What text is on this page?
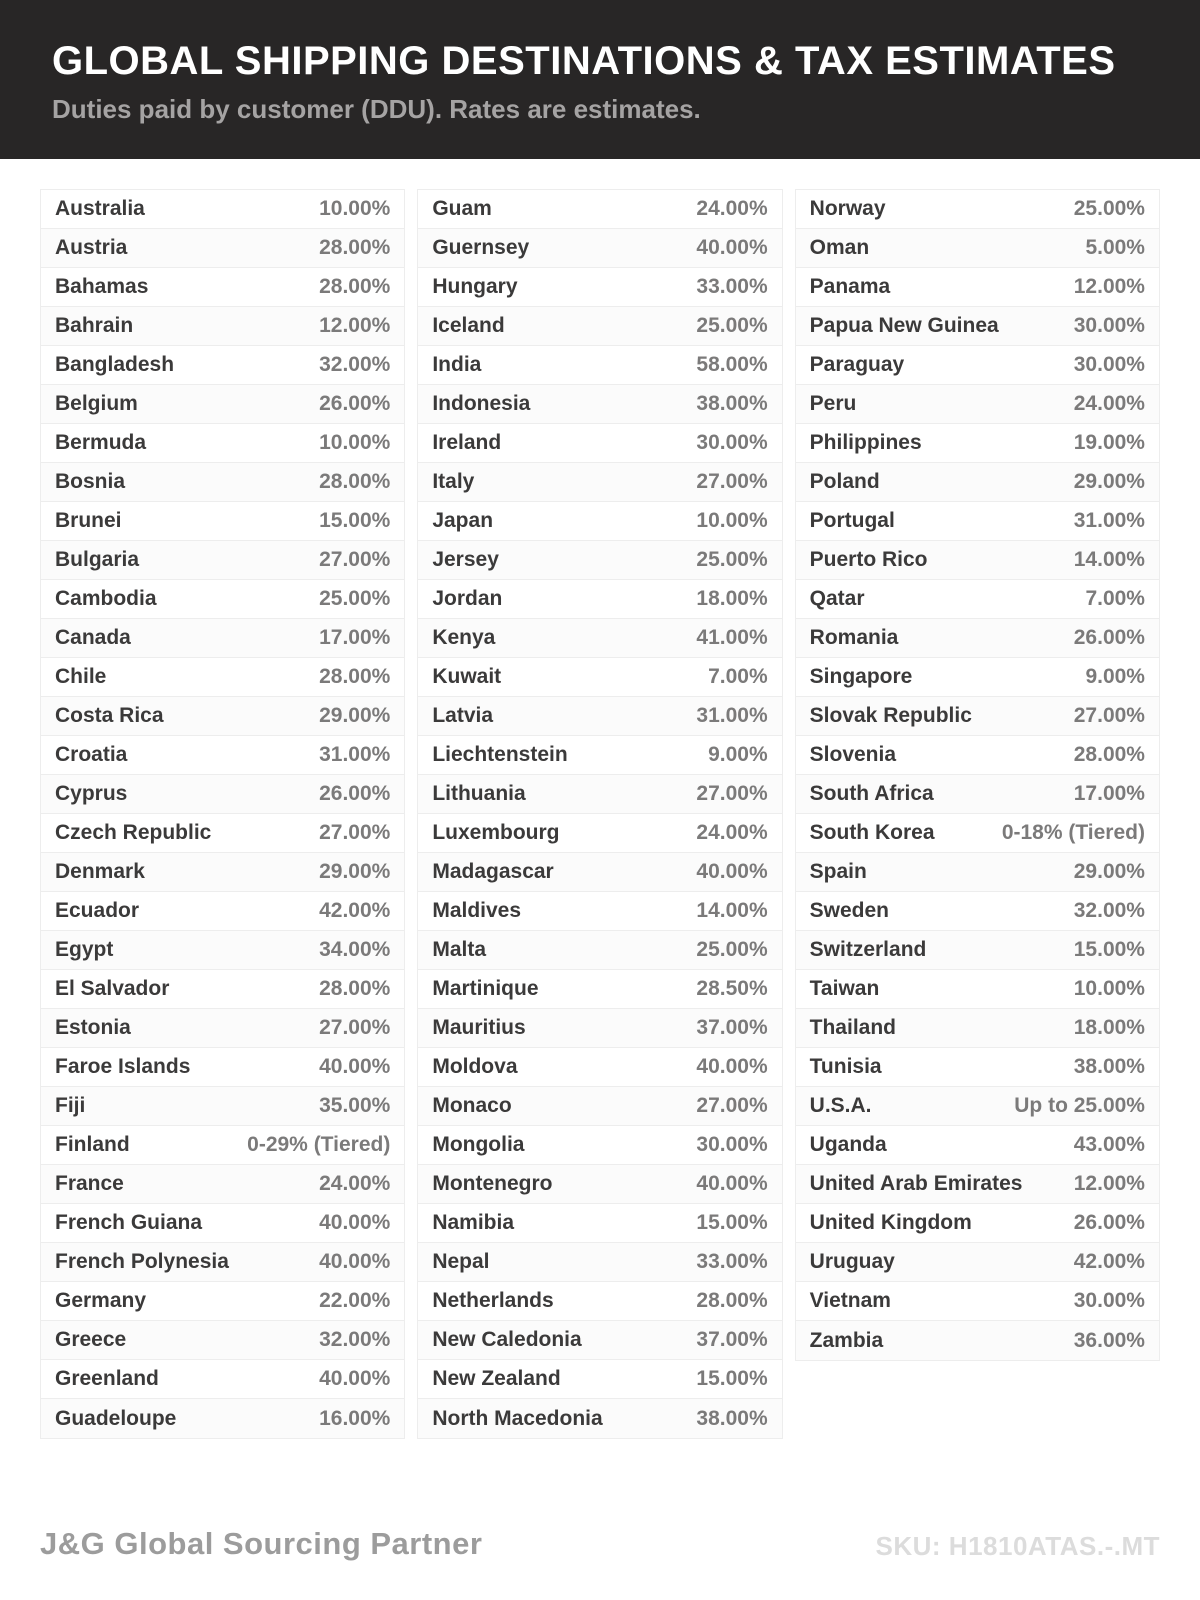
GLOBAL SHIPPING DESTINATIONS & TAX ESTIMATES

Duties paid by customer (DDU). Rates are estimates.

Australia	10.00%
Austria	28.00%
Bahamas	28.00%
Bahrain	12.00%
Bangladesh	32.00%
Belgium	26.00%
Bermuda	10.00%
Bosnia	28.00%
Brunei	15.00%
Bulgaria	27.00%
Cambodia	25.00%
Canada	17.00%
Chile	28.00%
Costa Rica	29.00%
Croatia	31.00%
Cyprus	26.00%
Czech Republic	27.00%
Denmark	29.00%
Ecuador	42.00%
Egypt	34.00%
El Salvador	28.00%
Estonia	27.00%
Faroe Islands	40.00%
Fiji	35.00%
Finland	0-29% (Tiered)
France	24.00%
French Guiana	40.00%
French Polynesia	40.00%
Germany	22.00%
Greece	32.00%
Greenland	40.00%
Guadeloupe	16.00%
Guam	24.00%
Guernsey	40.00%
Hungary	33.00%
Iceland	25.00%
India	58.00%
Indonesia	38.00%
Ireland	30.00%
Italy	27.00%
Japan	10.00%
Jersey	25.00%
Jordan	18.00%
Kenya	41.00%
Kuwait	7.00%
Latvia	31.00%
Liechtenstein	9.00%
Lithuania	27.00%
Luxembourg	24.00%
Madagascar	40.00%
Maldives	14.00%
Malta	25.00%
Martinique	28.50%
Mauritius	37.00%
Moldova	40.00%
Monaco	27.00%
Mongolia	30.00%
Montenegro	40.00%
Namibia	15.00%
Nepal	33.00%
Netherlands	28.00%
New Caledonia	37.00%
New Zealand	15.00%
North Macedonia	38.00%
Norway	25.00%
Oman	5.00%
Panama	12.00%
Papua New Guinea	30.00%
Paraguay	30.00%
Peru	24.00%
Philippines	19.00%
Poland	29.00%
Portugal	31.00%
Puerto Rico	14.00%
Qatar	7.00%
Romania	26.00%
Singapore	9.00%
Slovak Republic	27.00%
Slovenia	28.00%
South Africa	17.00%
South Korea	0-18% (Tiered)
Spain	29.00%
Sweden	32.00%
Switzerland	15.00%
Taiwan	10.00%
Thailand	18.00%
Tunisia	38.00%
U.S.A.	Up to 25.00%
Uganda	43.00%
United Arab Emirates 12.00%
United Kingdom	26.00%
Uruguay	42.00%
Vietnam	30.00%
Zambia	36.00%
J&G Global Sourcing Partner	SKU: H1810ATAS.-.MT
